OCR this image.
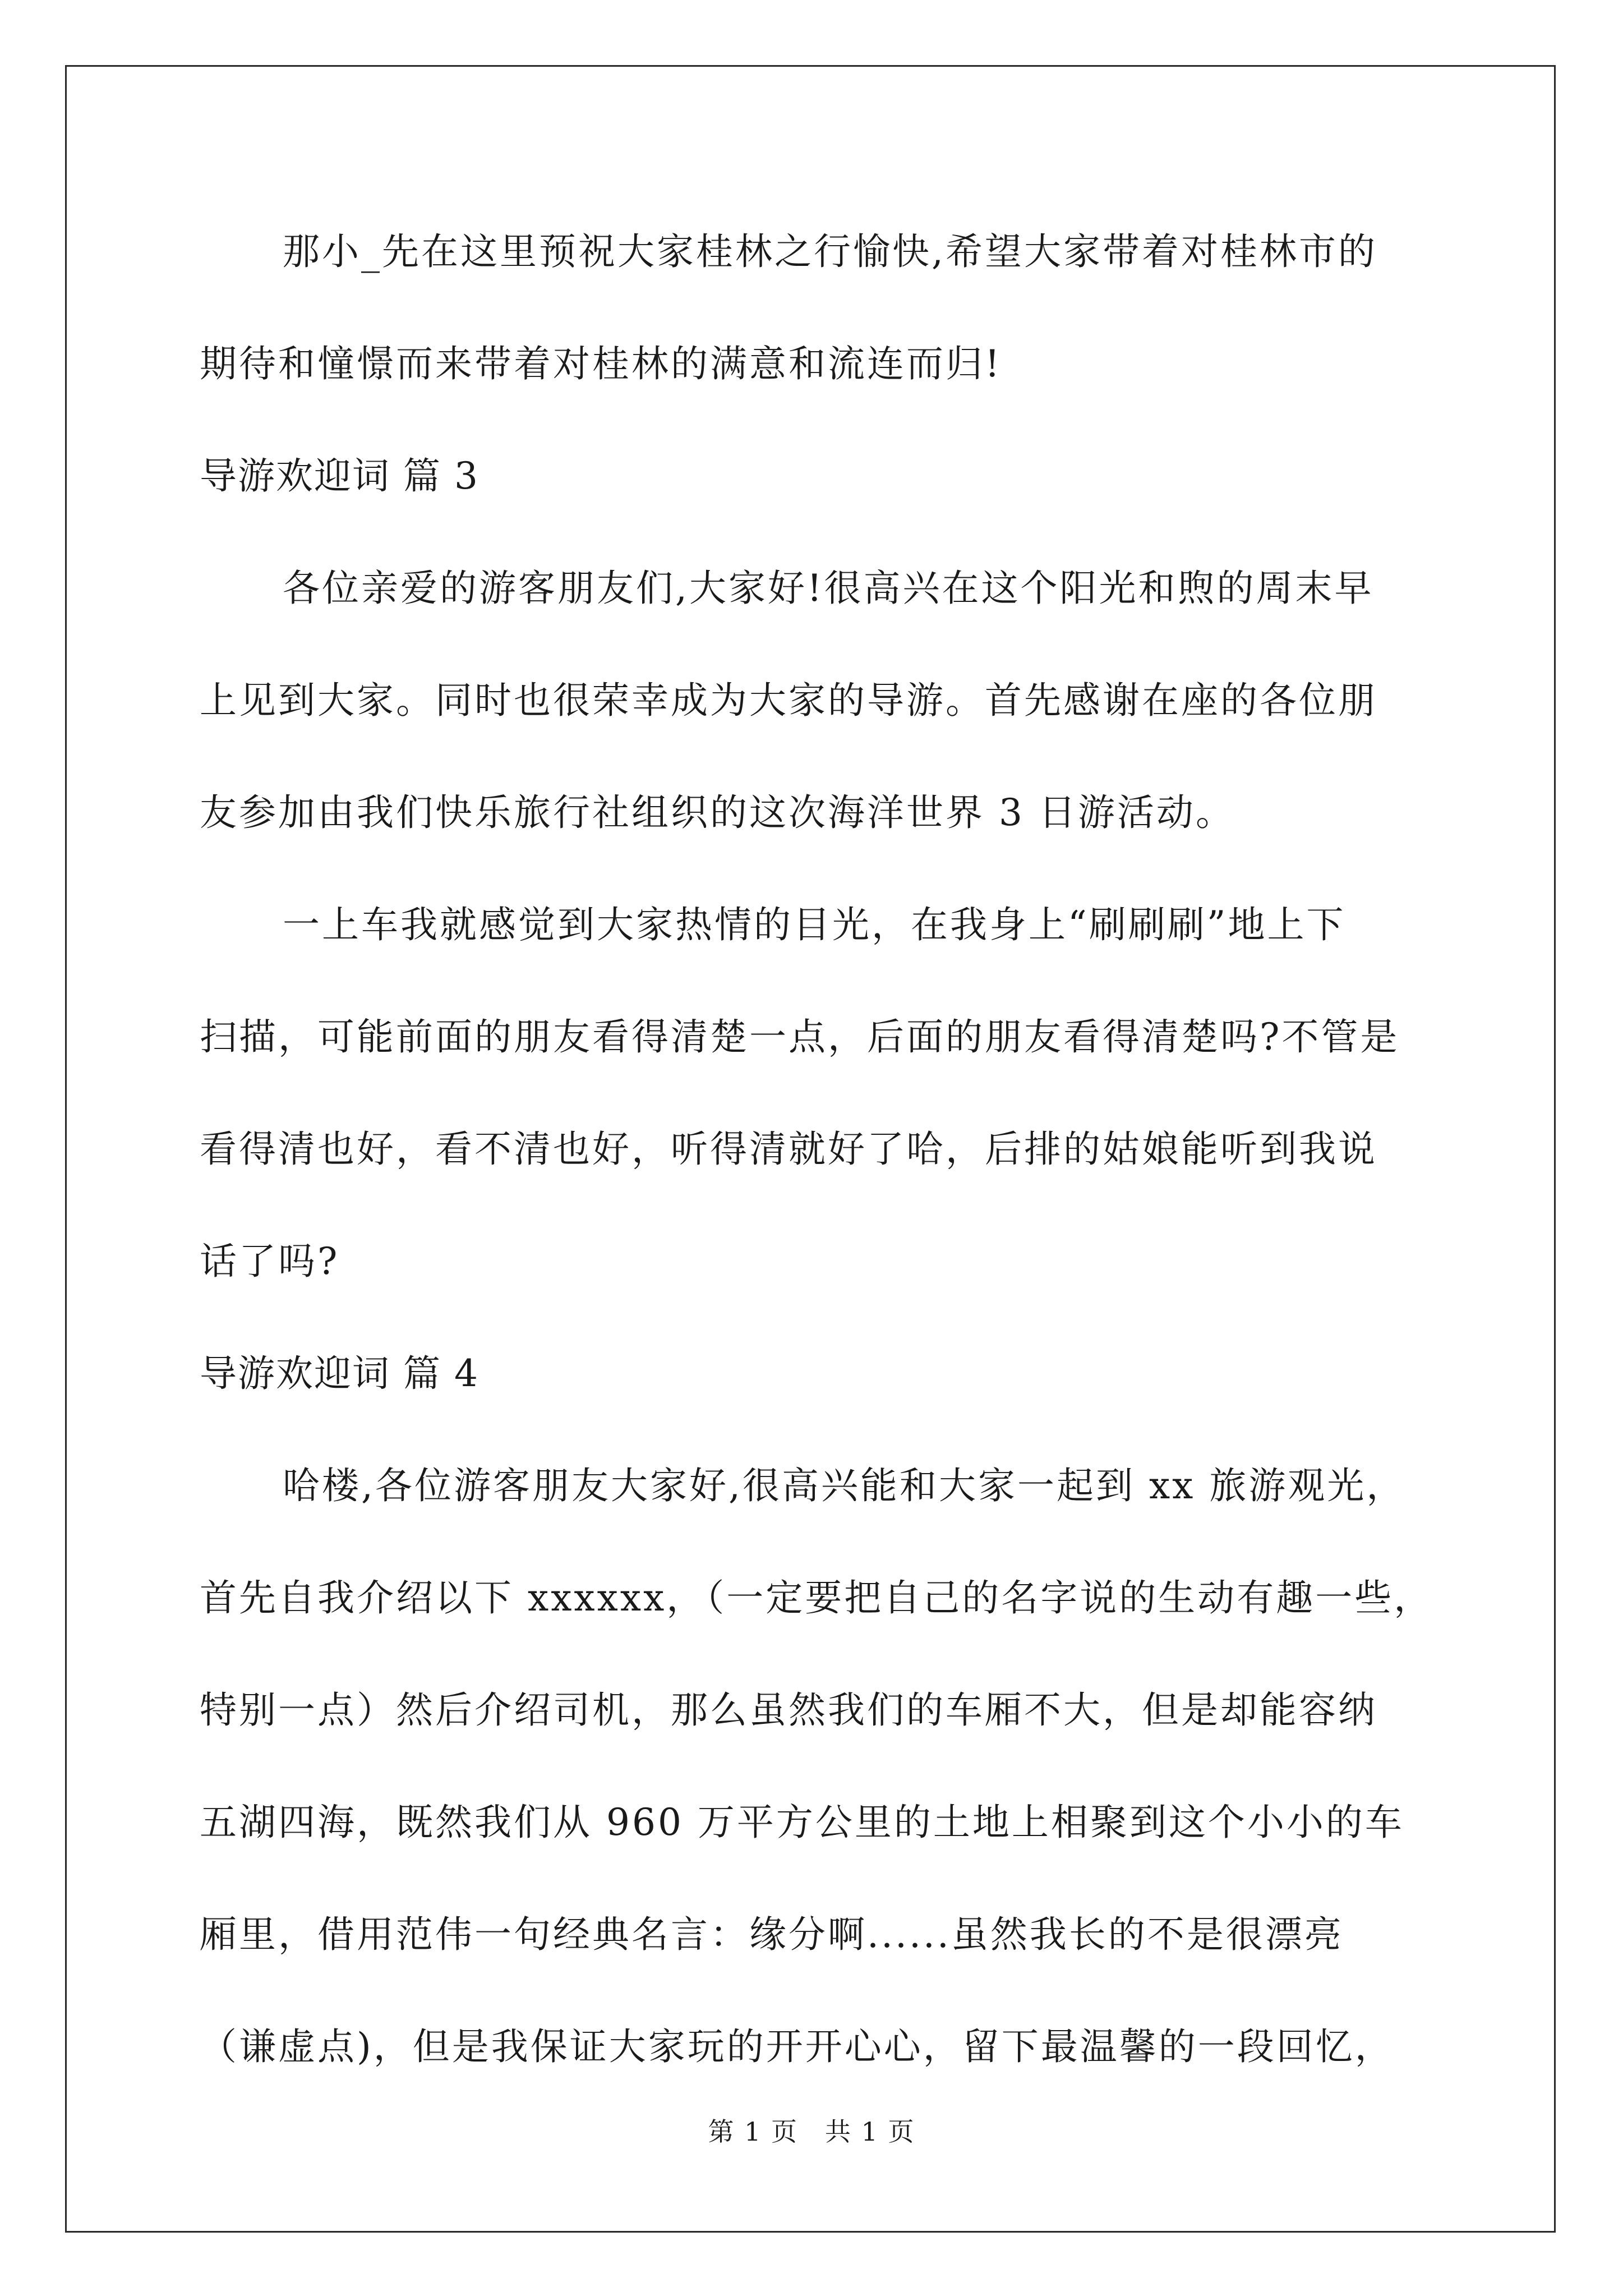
那小_先在这里预祝大家桂林之行愉快,希望大家带着对桂林市的
期待和憧憬而来带着对桂林的满意和流连而归!
导游欢迎词 篇 3
各位亲爱的游客朋友们,大家好!很高兴在这个阳光和煦的周末早
上见到大家。同时也很荣幸成为大家的导游。首先感谢在座的各位朋
友参加由我们快乐旅行社组织的这次海洋世界 3 日游活动。
一上车我就感觉到大家热情的目光，在我身上“刷刷刷”地上下
扫描，可能前面的朋友看得清楚一点，后面的朋友看得清楚吗?不管是
看得清也好，看不清也好，听得清就好了哈，后排的姑娘能听到我说
话了吗?
导游欢迎词 篇 4
哈楼,各位游客朋友大家好,很高兴能和大家一起到 xx 旅游观光，
首先自我介绍以下 xxxxxx，（一定要把自己的名字说的生动有趣一些，
特别一点）然后介绍司机，那么虽然我们的车厢不大，但是却能容纳
五湖四海，既然我们从 960 万平方公里的土地上相聚到这个小小的车
厢里，借用范伟一句经典名言：缘分啊......虽然我长的不是很漂亮
（谦虚点)，但是我保证大家玩的开开心心，留下最温馨的一段回忆，
第 1 页　共 1 页
